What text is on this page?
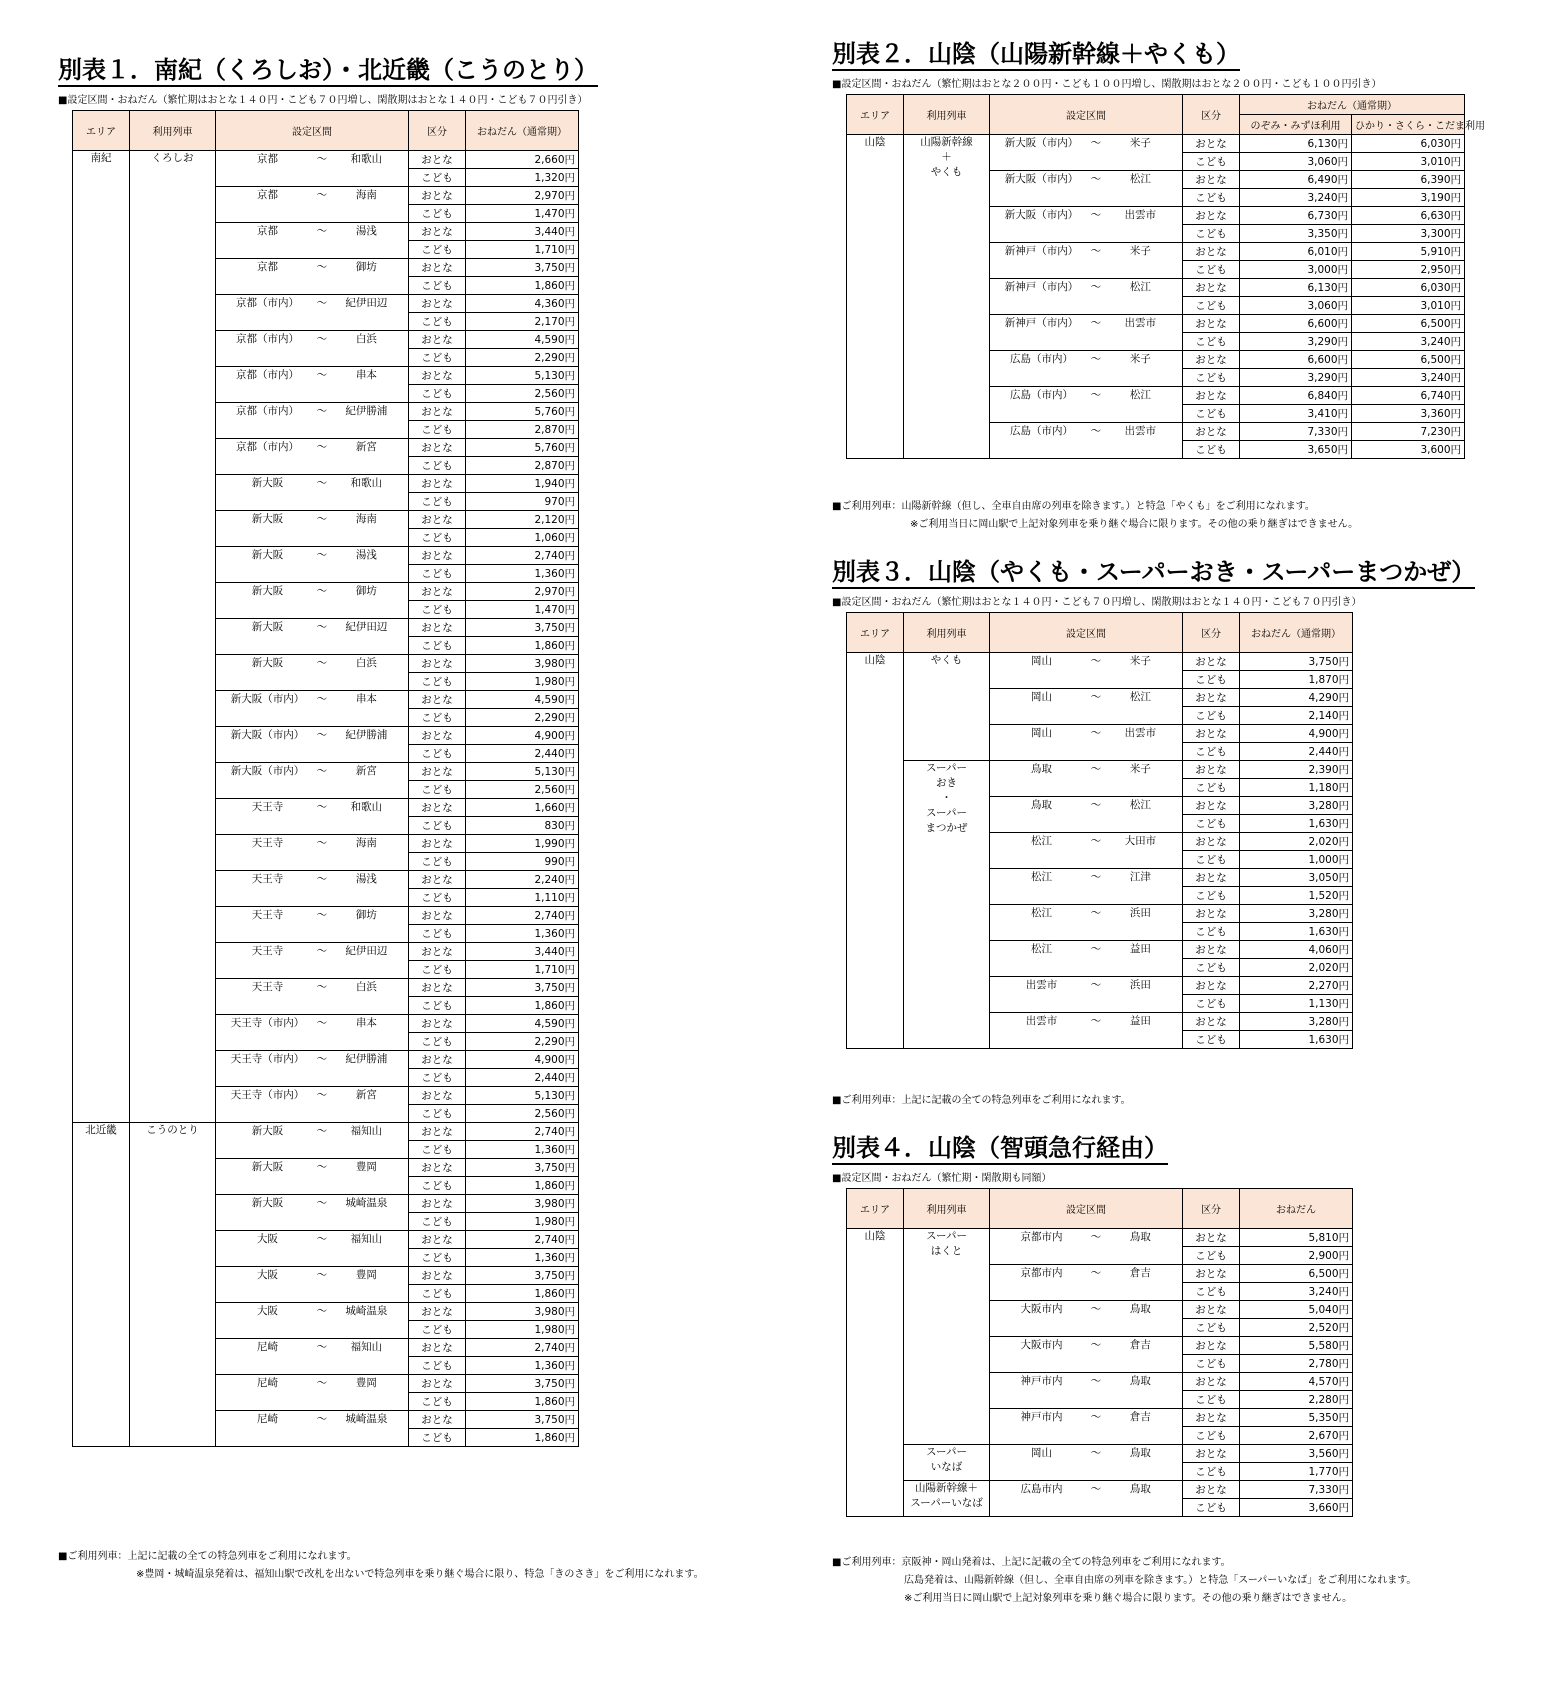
別表１．南紀（くろしお）・北近畿（こうのとり）
■設定区間・おねだん（繁忙期はおとな１４０円・こども７０円増し、閑散期はおとな１４０円・こども７０円引き）
エリア	利用列車	設定区間	区分	おねだん（通常期）
南紀	くろしお	京都 ～ 和歌山	おとな	2,660円
			こども	1,320円

		京都 ～ 海南	おとな	2,970円
			こども	1,470円

		京都 ～ 湯浅	おとな	3,440円
			こども	1,710円

		京都 ～ 御坊	おとな	3,750円
			こども	1,860円

		京都（市内） ～ 紀伊田辺	おとな	4,360円
			こども	2,170円

		京都（市内） ～ 白浜	おとな	4,590円
			こども	2,290円

		京都（市内） ～ 串本	おとな	5,130円
			こども	2,560円

		京都（市内） ～ 紀伊勝浦	おとな	5,760円
			こども	2,870円

		京都（市内） ～ 新宮	おとな	5,760円
			こども	2,870円

		新大阪 ～ 和歌山	おとな	1,940円
			こども	970円

		新大阪 ～ 海南	おとな	2,120円
			こども	1,060円

		新大阪 ～ 湯浅	おとな	2,740円
			こども	1,360円

		新大阪 ～ 御坊	おとな	2,970円
			こども	1,470円

		新大阪 ～ 紀伊田辺	おとな	3,750円
			こども	1,860円

		新大阪 ～ 白浜	おとな	3,980円
			こども	1,980円

		新大阪（市内） ～ 串本	おとな	4,590円
			こども	2,290円

		新大阪（市内） ～ 紀伊勝浦	おとな	4,900円
			こども	2,440円

		新大阪（市内） ～ 新宮	おとな	5,130円
			こども	2,560円

		天王寺 ～ 和歌山	おとな	1,660円
			こども	830円

		天王寺 ～ 海南	おとな	1,990円
			こども	990円

		天王寺 ～ 湯浅	おとな	2,240円
			こども	1,110円

		天王寺 ～ 御坊	おとな	2,740円
			こども	1,360円

		天王寺 ～ 紀伊田辺	おとな	3,440円
			こども	1,710円

		天王寺 ～ 白浜	おとな	3,750円
			こども	1,860円

		天王寺（市内） ～ 串本	おとな	4,590円
			こども	2,290円

		天王寺（市内） ～ 紀伊勝浦	おとな	4,900円
			こども	2,440円

		天王寺（市内） ～ 新宮	おとな	5,130円
			こども	2,560円
北近畿	こうのとり	新大阪 ～ 福知山	おとな	2,740円
			こども	1,360円

		新大阪 ～ 豊岡	おとな	3,750円
			こども	1,860円

		新大阪 ～ 城崎温泉	おとな	3,980円
			こども	1,980円

		大阪 ～ 福知山	おとな	2,740円
			こども	1,360円

		大阪 ～ 豊岡	おとな	3,750円
			こども	1,860円

		大阪 ～ 城崎温泉	おとな	3,980円
			こども	1,980円

		尼崎 ～ 福知山	おとな	2,740円
			こども	1,360円

		尼崎 ～ 豊岡	おとな	3,750円
			こども	1,860円

		尼崎 ～ 城崎温泉	おとな	3,750円
			こども	1,860円
■ご利用列車：上記に記載の全ての特急列車をご利用になれます。
※豊岡・城崎温泉発着は、福知山駅で改札を出ないで特急列車を乗り継ぐ場合に限り、特急「きのさき」をご利用になれます。
別表２．山陰（山陽新幹線＋やくも）
■設定区間・おねだん（繁忙期はおとな２００円・こども１００円増し、閑散期はおとな２００円・こども１００円引き）
エリア	利用列車	設定区間	区分	おねだん（通常期）	
				のぞみ・みずほ利用	ひかり・さくら・こだま利用
山陰	山陽新幹線
＋
やくも	新大阪（市内） ～ 米子	おとな	6,130円	6,030円
			こども	3,060円	3,010円

		新大阪（市内） ～ 松江	おとな	6,490円	6,390円
			こども	3,240円	3,190円

		新大阪（市内） ～ 出雲市	おとな	6,730円	6,630円
			こども	3,350円	3,300円

		新神戸（市内） ～ 米子	おとな	6,010円	5,910円
			こども	3,000円	2,950円

		新神戸（市内） ～ 松江	おとな	6,130円	6,030円
			こども	3,060円	3,010円

		新神戸（市内） ～ 出雲市	おとな	6,600円	6,500円
			こども	3,290円	3,240円

		広島（市内） ～ 米子	おとな	6,600円	6,500円
			こども	3,290円	3,240円

		広島（市内） ～ 松江	おとな	6,840円	6,740円
			こども	3,410円	3,360円

		広島（市内） ～ 出雲市	おとな	7,330円	7,230円
			こども	3,650円	3,600円
■ご利用列車：山陽新幹線（但し、全車自由席の列車を除きます。）と特急「やくも」をご利用になれます。
※ご利用当日に岡山駅で上記対象列車を乗り継ぐ場合に限ります。その他の乗り継ぎはできません。
別表３．山陰（やくも・スーパーおき・スーパーまつかぜ）
■設定区間・おねだん（繁忙期はおとな１４０円・こども７０円増し、閑散期はおとな１４０円・こども７０円引き）
エリア	利用列車	設定区間	区分	おねだん（通常期）
山陰	やくも	岡山 ～ 米子	おとな	3,750円
			こども	1,870円

		岡山 ～ 松江	おとな	4,290円
			こども	2,140円

		岡山 ～ 出雲市	おとな	4,900円
			こども	2,440円
	スーパー
おき
・
スーパー
まつかぜ	鳥取 ～ 米子	おとな	2,390円
			こども	1,180円

		鳥取 ～ 松江	おとな	3,280円
			こども	1,630円

		松江 ～ 大田市	おとな	2,020円
			こども	1,000円

		松江 ～ 江津	おとな	3,050円
			こども	1,520円

		松江 ～ 浜田	おとな	3,280円
			こども	1,630円

		松江 ～ 益田	おとな	4,060円
			こども	2,020円

		出雲市 ～ 浜田	おとな	2,270円
			こども	1,130円

		出雲市 ～ 益田	おとな	3,280円
			こども	1,630円
■ご利用列車：上記に記載の全ての特急列車をご利用になれます。
別表４．山陰（智頭急行経由）
■設定区間・おねだん（繁忙期・閑散期も同額）
エリア	利用列車	設定区間	区分	おねだん
山陰	スーパー
はくと	京都市内 ～ 鳥取	おとな	5,810円
			こども	2,900円

		京都市内 ～ 倉吉	おとな	6,500円
			こども	3,240円

		大阪市内 ～ 鳥取	おとな	5,040円
			こども	2,520円

		大阪市内 ～ 倉吉	おとな	5,580円
			こども	2,780円

		神戸市内 ～ 鳥取	おとな	4,570円
			こども	2,280円

		神戸市内 ～ 倉吉	おとな	5,350円
			こども	2,670円
	スーパー
いなば	岡山 ～ 鳥取	おとな	3,560円
			こども	1,770円
	山陽新幹線＋
スーパーいなば	広島市内 ～ 鳥取	おとな	7,330円
			こども	3,660円
■ご利用列車：京阪神・岡山発着は、上記に記載の全ての特急列車をご利用になれます。
広島発着は、山陽新幹線（但し、全車自由席の列車を除きます。）と特急「スーパーいなば」をご利用になれます。
※ご利用当日に岡山駅で上記対象列車を乗り継ぐ場合に限ります。その他の乗り継ぎはできません。
